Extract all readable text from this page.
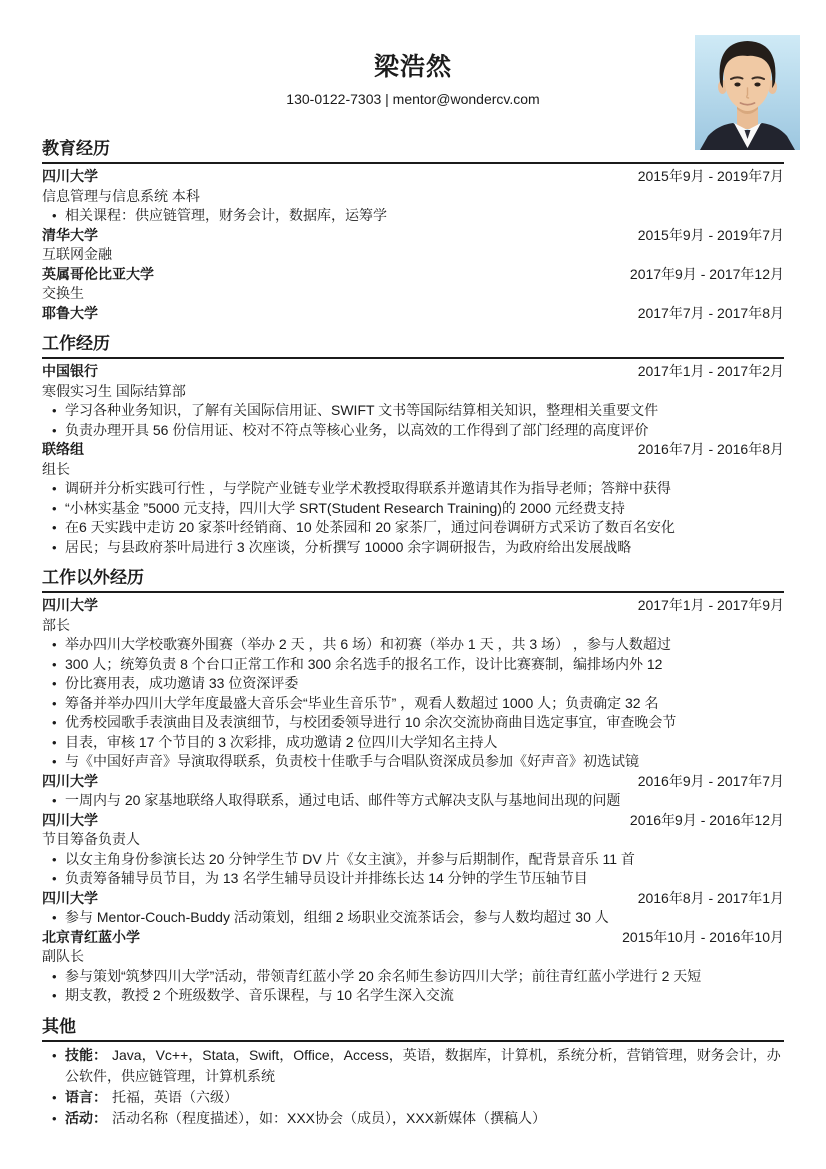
梁浩然
130-0122-7303 | mentor@wondercv.com
教育经历
四川大学	2015年9月 - 2019年7月
信息管理与信息系统 本科
• 相关课程：供应链管理，财务会计，数据库，运筹学
清华大学	2015年9月 - 2019年7月
互联网金融
英属哥伦比亚大学	2017年9月 - 2017年12月
交换生
耶鲁大学	2017年7月 - 2017年8月
工作经历
中国银行	2017年1月 - 2017年2月
寒假实习生 国际结算部
• 学习各种业务知识，了解有关国际信用证、SWIFT 文书等国际结算相关知识，整理相关重要文件
• 负责办理开具 56 份信用证、校对不符点等核心业务，以高效的工作得到了部门经理的高度评价
联络组	2016年7月 - 2016年8月
组长
• 调研并分析实践可行性 ，与学院产业链专业学术教授取得联系并邀请其作为指导老师；答辩中获得
• “小林实基金 ”5000 元支持，四川大学 SRT(Student Research Training)的 2000 元经费支持
• 在6 天实践中走访 20 家茶叶经销商、10 处茶园和 20 家茶厂，通过问卷调研方式采访了数百名安化
• 居民；与县政府茶叶局进行 3 次座谈，分析撰写 10000 余字调研报告，为政府给出发展战略
工作以外经历
四川大学	2017年1月 - 2017年9月
部长
• 举办四川大学校歌赛外围赛（举办 2 天 ，共 6 场）和初赛（举办 1 天 ，共 3 场） ，参与人数超过
• 300 人；统筹负责 8 个台口正常工作和 300 余名选手的报名工作，设计比赛赛制，编排场内外 12
• 份比赛用表，成功邀请 33 位资深评委
• 筹备并举办四川大学年度最盛大音乐会“毕业生音乐节” ，观看人数超过 1000 人；负责确定 32 名
• 优秀校园歌手表演曲目及表演细节，与校团委领导进行 10 余次交流协商曲目选定事宜，审查晚会节
• 目表，审核 17 个节目的 3 次彩排，成功邀请 2 位四川大学知名主持人
• 与《中国好声音》导演取得联系，负责校十佳歌手与合唱队资深成员参加《好声音》初选试镜
四川大学	2016年9月 - 2017年7月
• 一周内与 20 家基地联络人取得联系，通过电话、邮件等方式解决支队与基地间出现的问题
四川大学	2016年9月 - 2016年12月
节目筹备负责人
• 以女主角身份参演长达 20 分钟学生节 DV 片《女主演》，并参与后期制作，配背景音乐 11 首
• 负责筹备辅导员节目，为 13 名学生辅导员设计并排练长达 14 分钟的学生节压轴节目
四川大学	2016年8月 - 2017年1月
• 参与 Mentor-Couch-Buddy 活动策划，组细 2 场职业交流茶话会，参与人数均超过 30 人
北京青红蓝小学	2015年10月 - 2016年10月
副队长
• 参与策划“筑梦四川大学”活动，带领青红蓝小学 20 余名师生参访四川大学；前往青红蓝小学进行 2 天短
• 期支教，教授 2 个班级数学、音乐课程，与 10 名学生深入交流
其他
• 技能： Java，Vc++，Stata，Swift，Office，Access，英语，数据库，计算机，系统分析，营销管理，财务会计，办公软件，供应链管理，计算机系统
• 语言： 托福，英语（六级）
• 活动： 活动名称（程度描述），如：XXX协会（成员），XXX新媒体（撰稿人）
